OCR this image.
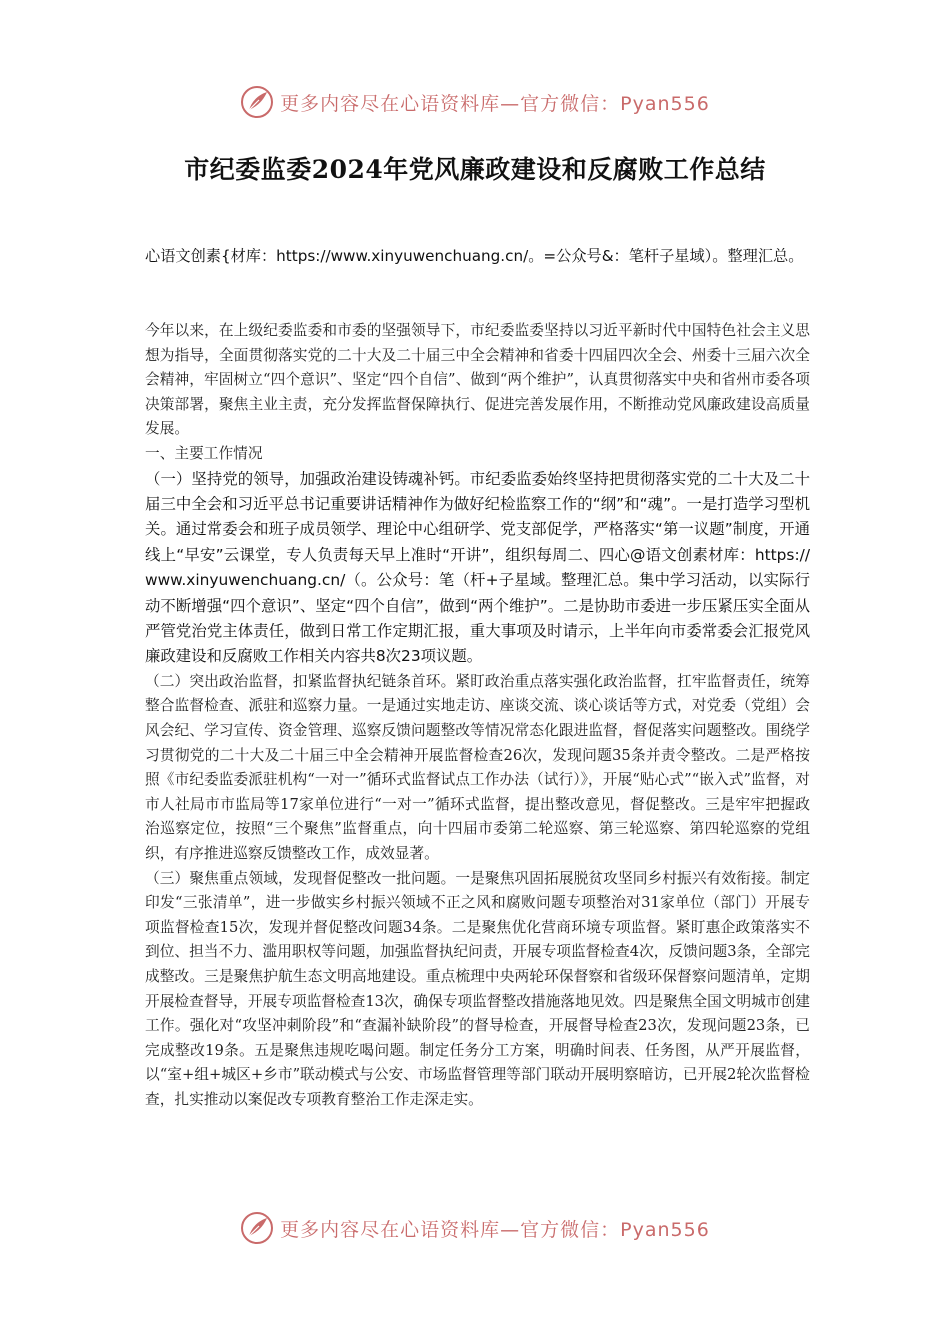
更多内容尽在心语资料库—官方微信：Pyan556
市纪委监委2024年党风廉政建设和反腐败工作总结

心语文创素{材库：https://www.xinyuwenchuang.cn/。=公众号&：笔杆子星域）。整理汇总。

今年以来，在上级纪委监委和市委的坚强领导下，市纪委监委坚持以习近平新时代中国特色社会主义思想为指导，全面贯彻落实党的二十大及二十届三中全会精神和省委十四届四次全会、州委十三届六次全会精神，牢固树立“四个意识”、坚定“四个自信”、做到“两个维护”，认真贯彻落实中央和省州市委各项决策部署，聚焦主业主责，充分发挥监督保障执行、促进完善发展作用，不断推动党风廉政建设高质量发展。

一、主要工作情况

（一）坚持党的领导，加强政治建设铸魂补钙。市纪委监委始终坚持把贯彻落实党的二十大及二十届三中全会和习近平总书记重要讲话精神作为做好纪检监察工作的“纲”和“魂”。一是打造学习型机关。通过常委会和班子成员领学、理论中心组研学、党支部促学，严格落实“第一议题”制度，开通线上“早安”云课堂，专人负责每天早上准时“开讲”，组织每周二、四心@语文创素材库：https://www.xinyuwenchuang.cn/（。公众号：笔（杆+子星域。整理汇总。集中学习活动，以实际行动不断增强“四个意识”、坚定“四个自信”，做到“两个维护”。二是协助市委进一步压紧压实全面从严管党治党主体责任，做到日常工作定期汇报，重大事项及时请示，上半年向市委常委会汇报党风廉政建设和反腐败工作相关内容共8次23项议题。

（二）突出政治监督，扣紧监督执纪链条首环。紧盯政治重点落实强化政治监督，扛牢监督责任，统筹整合监督检查、派驻和巡察力量。一是通过实地走访、座谈交流、谈心谈话等方式，对党委（党组）会风会纪、学习宣传、资金管理、巡察反馈问题整改等情况常态化跟进监督，督促落实问题整改。围绕学习贯彻党的二十大及二十届三中全会精神开展监督检查26次，发现问题35条并责令整改。二是严格按照《市纪委监委派驻机构“一对一”循环式监督试点工作办法（试行）》，开展“贴心式”“嵌入式”监督，对市人社局市市监局等17家单位进行“一对一”循环式监督，提出整改意见，督促整改。三是牢牢把握政治巡察定位，按照“三个聚焦”监督重点，向十四届市委第二轮巡察、第三轮巡察、第四轮巡察的党组织，有序推进巡察反馈整改工作，成效显著。

（三）聚焦重点领域，发现督促整改一批问题。一是聚焦巩固拓展脱贫攻坚同乡村振兴有效衔接。制定印发“三张清单”，进一步做实乡村振兴领域不正之风和腐败问题专项整治对31家单位（部门）开展专项监督检查15次，发现并督促整改问题34条。二是聚焦优化营商环境专项监督。紧盯惠企政策落实不到位、担当不力、滥用职权等问题，加强监督执纪问责，开展专项监督检查4次，反馈问题3条，全部完成整改。三是聚焦护航生态文明高地建设。重点梳理中央两轮环保督察和省级环保督察问题清单，定期开展检查督导，开展专项监督检查13次，确保专项监督整改措施落地见效。四是聚焦全国文明城市创建工作。强化对“攻坚冲刺阶段”和“查漏补缺阶段”的督导检查，开展督导检查23次，发现问题23条，已完成整改19条。五是聚焦违规吃喝问题。制定任务分工方案，明确时间表、任务图，从严开展监督，以“室+组+城区+乡市”联动模式与公安、市场监督管理等部门联动开展明察暗访，已开展2轮次监督检查，扎实推动以案促改专项教育整治工作走深走实。

更多内容尽在心语资料库—官方微信：Pyan556
